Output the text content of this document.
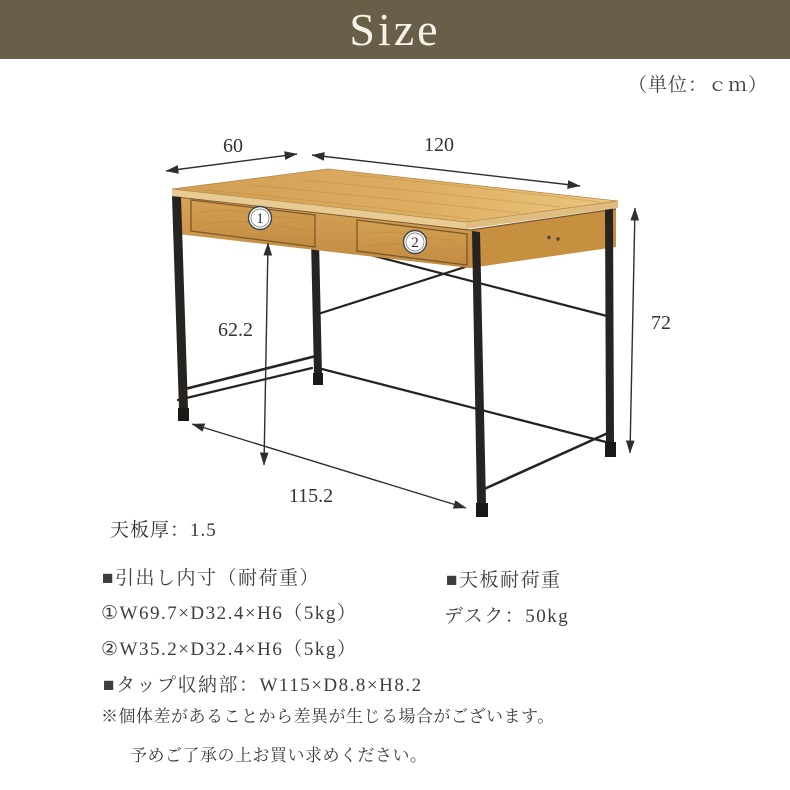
Size
（単位：ｃｍ）
1
2
60	120
72
62.2
115.2
天板厚：1.5
■引出し内寸（耐荷重）	■天板耐荷重
①W69.7×D32.4×H6（5kg）	デスク：50kg
②W35.2×D32.4×H6（5kg）
■タップ収納部：W115×D8.8×H8.2
※個体差があることから差異が生じる場合がございます。
予めご了承の上お買い求めください。
